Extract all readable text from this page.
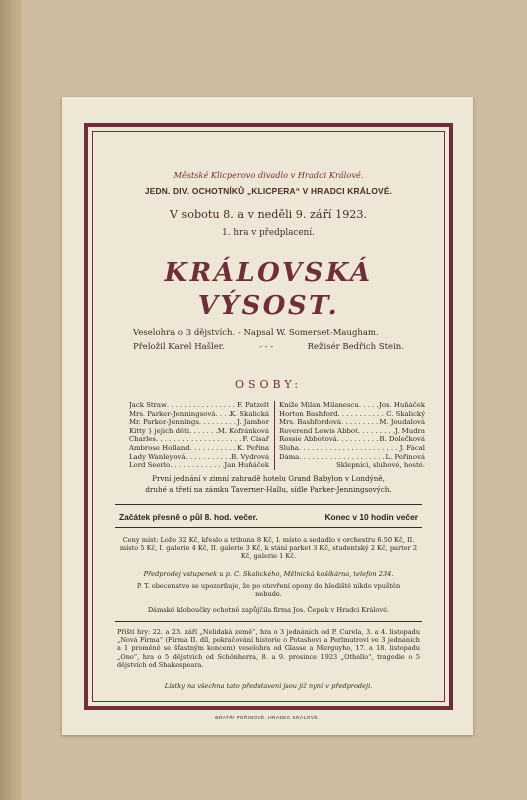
Městské Klicperovo divadlo v Hradci Králové.
JEDN. DIV. OCHOTNÍKŮ „KLICPERA“ V HRADCI KRÁLOVÉ.
V sobotu 8. a v neděli 9. září 1923.
1. hra v předplacení.
KRÁLOVSKÁ
VÝSOST.
Veselohra o 3 dějstvích. - Napsal W. Somerset-Maugham.
Přeložil Karel Hašler.	- - -	Režisér Bedřich Stein.
OSOBY:
Jack Straw . . .	F. Patzelt
Mrs. Parker-Jenningsová . . . K. Skalická
Mr. Parker-Jennings . . .	J. Jambor
Kitty } jejich děti . . .	M. Kofránková
Charles . . .	F. Císař
Ambrose Holland . . .	K. Peřina
Lady Wanleyová . . .	B. Vydrová
Lord Seerlo . . .	Jan Huňáček
Kníže Milan Milanescu . . .	Jos. Huňáček
Horton Bashford . . .	C. Skalický
Mrs. Bashfordová . . .	M. Joudalová
Reverend Lewis Abbot . . .	J. Mudra
Rossie Abbotová . . .	B. Dolečková
Sluha . . .	J. Fácal
Dáma . . .	L. Peřinová
Sklepníci, sluhové, hosté.
První jednání v zimní zahradě hotelu Grand Babylon v Londýně,
druhé a třetí na zámku Taverner-Hallu, sídle Parker-Jenningsových.
Začátek přesně o půl 8. hod. večer.	Konec v 10 hodin večer
Ceny míst: Lože 32 Kč, křeslo a tribuna 8 Kč, I. místo a sedadlo v orchestru 6.50 Kč, II. místo 5 Kč, I. galerie 4 Kč, II. galerie 3 Kč, k stání parket 3 Kč, studentský 2 Kč, parter 2 Kč, galerie 1 Kč.
Předprodej vstupenek u p. C. Skalického, Mělnická košíkárna, telefon 234.
P. T. obecenstvo se upozorňuje, že po otevření opony do hlediště nikdo vpuštěn nebude.
Dámské kloboučky ochotně zapůjčila firma Jos. Čepek v Hradci Králové.
Příští hry: 22. a 23. září „Nelidaká země“, hra o 3 jednáních od P. Curela, 3. a 4. listopadu „Nová Firma“ (Firma II. díl, pokračování historie o Potashovi a Perlmutrovi ve 3 jednáních a 1 proměně se šťastným koncem) veselohra od Glasse a Merguyho, 17. a 18. listopadu „Ono“, hra o 5 dějstvích od Schönherra, 8. a 9. prosince 1923 „Othello“, tragedie o 5 dějstvích od Shakespeara.
Lístky na všechna tato představení jsou již nyní v předprodeji.
BRATŘI PEŘINOVÉ, HRADEC KRÁLOVÉ.
